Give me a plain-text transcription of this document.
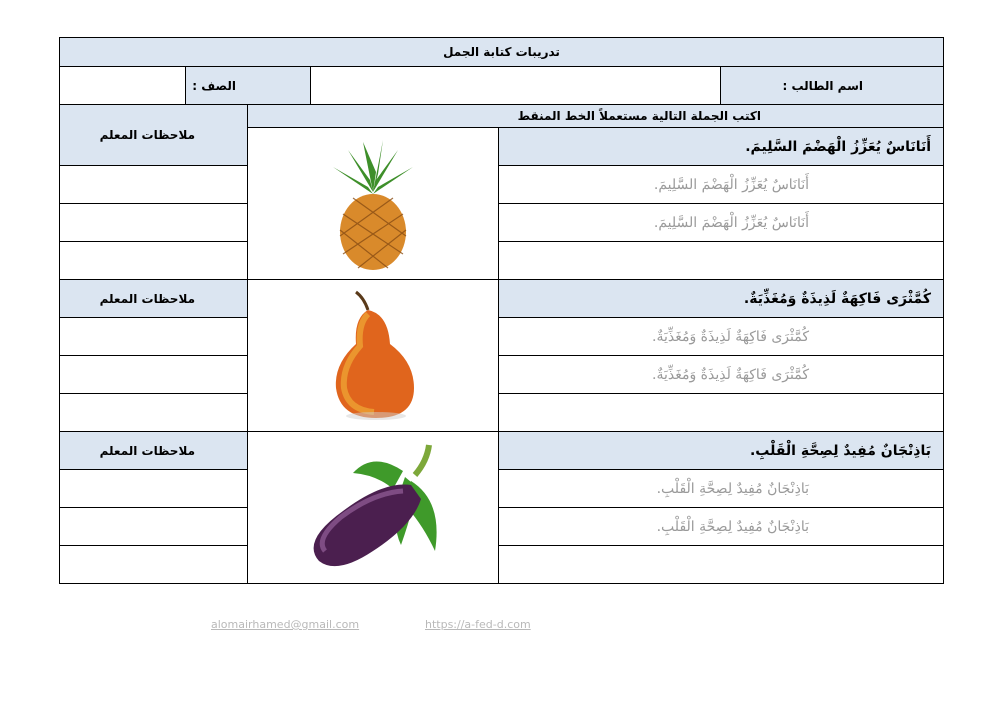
تدريبات كتابة الجمل					
	الصف :				اسم الطالب :
ملاحظات المعلم		اكتب الجملة التالية مستعملاً الخط المنقط			
	أَنَانَاسٌ يُعَزِّزُ الْهَضْمَ السَّلِيمَ.	
				أَنَانَاسٌ يُعَزِّزُ الْهَضْمَ السَّلِيمَ.	
				أَنَانَاسٌ يُعَزِّزُ الْهَضْمَ السَّلِيمَ.	

ملاحظات المعلم				كُمَّثْرَى فَاكِهَةٌ لَذِيذَةٌ وَمُغَذِّيَةٌ.	
				كُمَّثْرَى فَاكِهَةٌ لَذِيذَةٌ وَمُغَذِّيَةٌ.	
				كُمَّثْرَى فَاكِهَةٌ لَذِيذَةٌ وَمُغَذِّيَةٌ.	

ملاحظات المعلم				بَاذِنْجَانٌ مُفِيدٌ لِصِحَّةِ الْقَلْبِ.	
				بَاذِنْجَانٌ مُفِيدٌ لِصِحَّةِ الْقَلْبِ.	
				بَاذِنْجَانٌ مُفِيدٌ لِصِحَّةِ الْقَلْبِ.	

alomairhamed@gmail.com	https://a-fed-d.com
